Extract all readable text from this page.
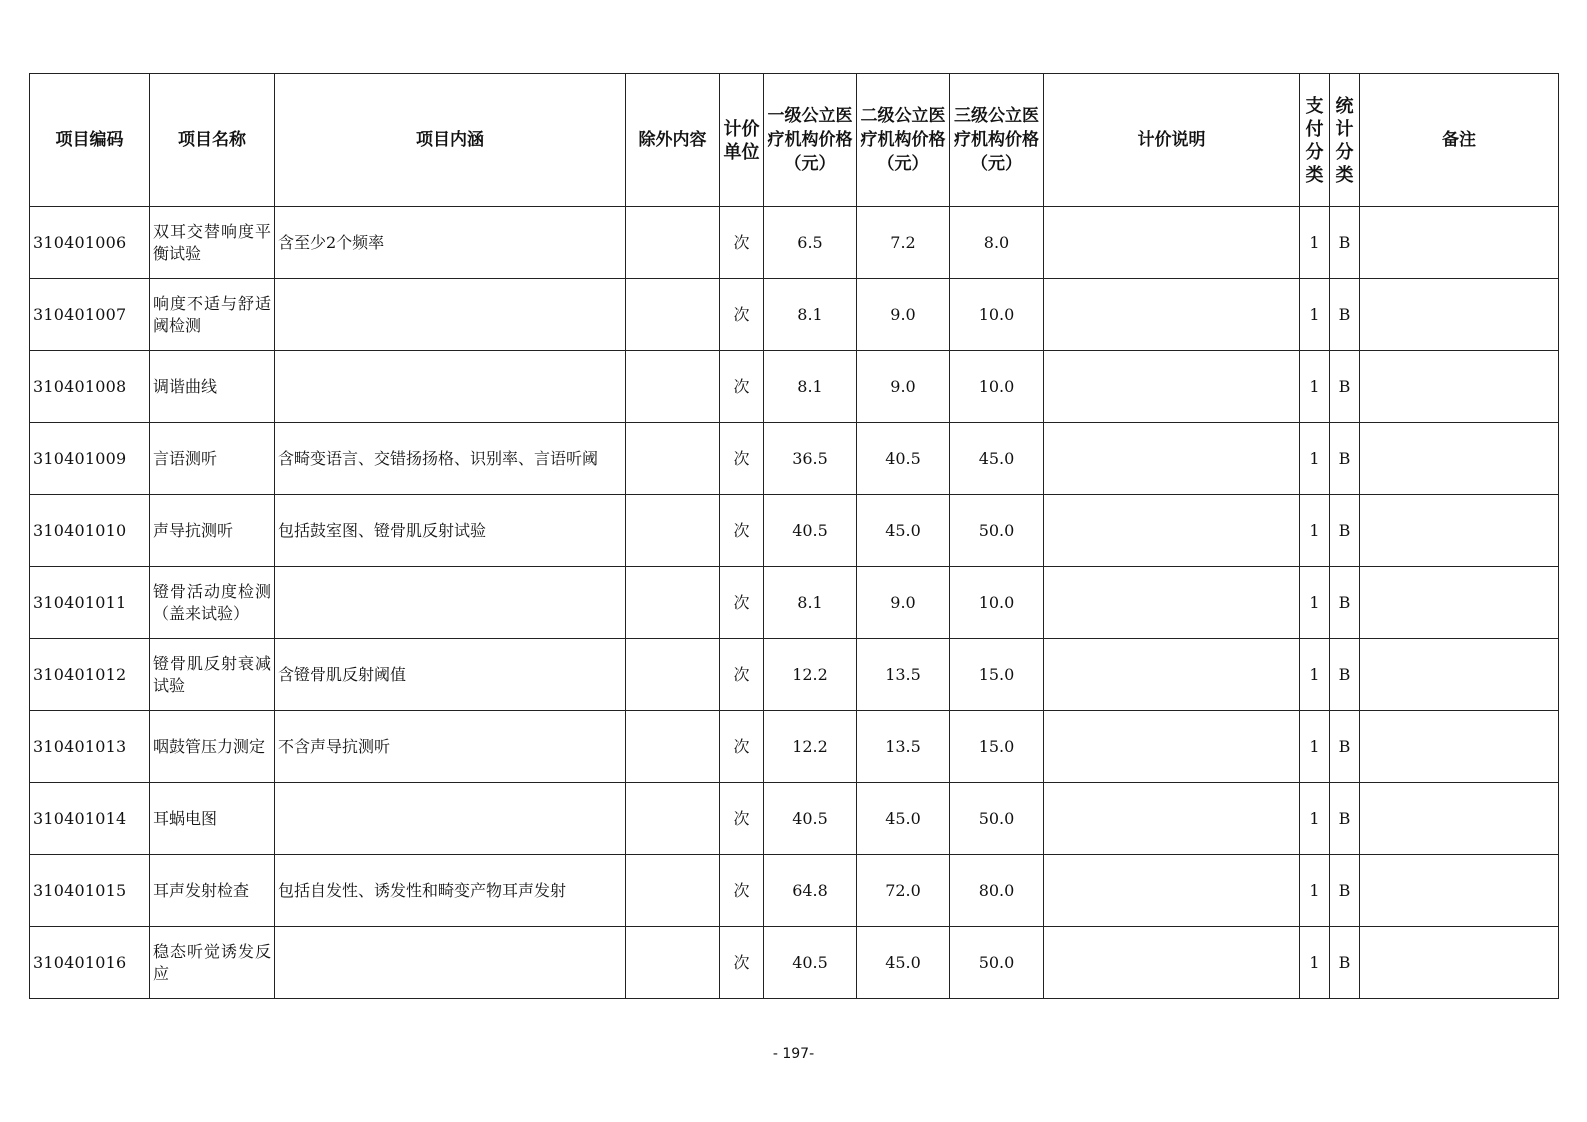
项目编码	项目名称	项目内涵	除外内容	计价单位	一级公立医疗机构价格（元）	二级公立医疗机构价格（元）	三级公立医疗机构价格（元）	计价说明	支付分类	统计分类	备注
310401006	双耳交替响度平衡试验	含至少2个频率		次	6.5	7.2	8.0		1	B	
310401007	响度不适与舒适阈检测			次	8.1	9.0	10.0		1	B	
310401008	调谐曲线			次	8.1	9.0	10.0		1	B	
310401009	言语测听	含畸变语言、交错扬扬格、识别率、言语听阈		次	36.5	40.5	45.0		1	B	
310401010	声导抗测听	包括鼓室图、镫骨肌反射试验		次	40.5	45.0	50.0		1	B	
310401011	镫骨活动度检测（盖来试验）			次	8.1	9.0	10.0		1	B	
310401012	镫骨肌反射衰减试验	含镫骨肌反射阈值		次	12.2	13.5	15.0		1	B	
310401013	咽鼓管压力测定	不含声导抗测听		次	12.2	13.5	15.0		1	B	
310401014	耳蜗电图			次	40.5	45.0	50.0		1	B	
310401015	耳声发射检查	包括自发性、诱发性和畸变产物耳声发射		次	64.8	72.0	80.0		1	B	
310401016	稳态听觉诱发反应			次	40.5	45.0	50.0		1	B	
- 197-
